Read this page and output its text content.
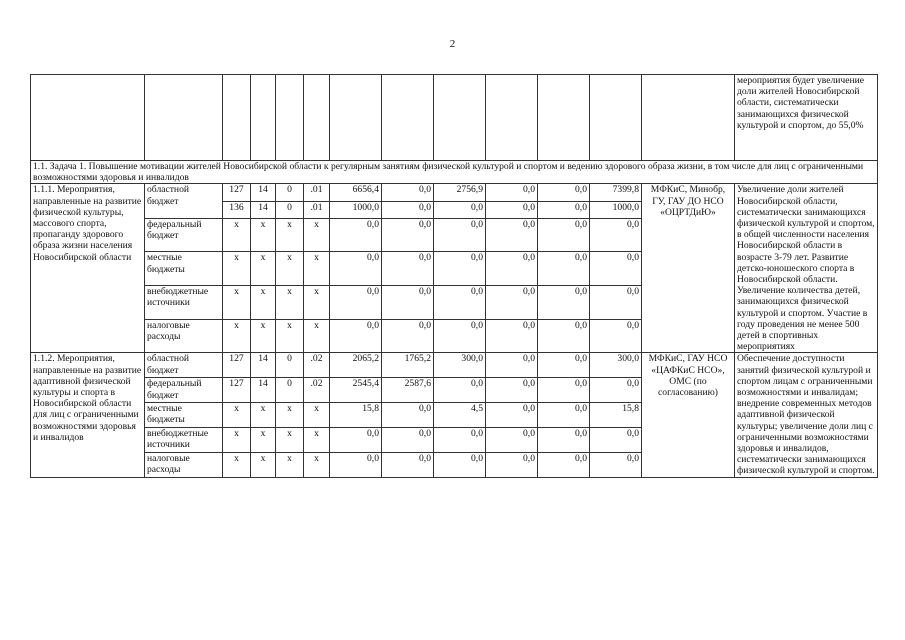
2
													мероприятия будет увеличение доли жителей Новосибирской области, систематически занимающихся физической культурой и спортом, до 55,0%
1.1. Задача 1. Повышение мотивации жителей Новосибирской области к регулярным занятиям физической культурой и спортом и ведению здорового образа жизни, в том числе для лиц с ограниченными возможностями здоровья и инвалидов													
1.1.1. Мероприятия, направленные на развитие физической культуры, массового спорта, пропаганду здорового образа жизни населения Новосибирской области	областной бюджет	127	14	0	.01	6656,4	0,0	2756,9	0,0	0,0	7399,8	МФКиС, Минобр, ГУ, ГАУ ДО НСО «ОЦРТДиЮ»	Увеличение доли жителей Новосибирской области, систематически занимающихся физической культурой и спортом, в общей численности населения Новосибирской области в возрасте 3-79 лет. Развитие детско-юношеского спорта в Новосибирской области. Увеличение количества детей, занимающихся физической культурой и спортом. Участие в году проведения не менее 500 детей в спортивных мероприятиях
		136	14	0	.01	1000,0	0,0	0,0	0,0	0,0	1000,0		
	федеральный бюджет	x	x	x	x	0,0	0,0	0,0	0,0	0,0	0,0		
	местные бюджеты	x	x	x	x	0,0	0,0	0,0	0,0	0,0	0,0		
	внебюджетные источники	x	x	x	x	0,0	0,0	0,0	0,0	0,0	0,0		
	налоговые расходы	x	x	x	x	0,0	0,0	0,0	0,0	0,0	0,0		
1.1.2. Мероприятия, направленные на развитие адаптивной физической культуры и спорта в Новосибирской области для лиц с ограниченными возможностями здоровья и инвалидов	областной бюджет	127	14	0	.02	2065,2	1765,2	300,0	0,0	0,0	300,0	МФКиС, ГАУ НСО «ЦАФКиС НСО», ОМС (по согласованию)	Обеспечение доступности занятий физической культурой и спортом лицам с ограниченными возможностями и инвалидам; внедрение современных методов адаптивной физической культуры; увеличение доли лиц с ограниченными возможностями здоровья и инвалидов, систематически занимающихся физической культурой и спортом.
	федеральный бюджет	127	14	0	.02	2545,4	2587,6	0,0	0,0	0,0	0,0		
	местные бюджеты	x	x	x	x	15,8	0,0	4,5	0,0	0,0	15,8		
	внебюджетные источники	x	x	x	x	0,0	0,0	0,0	0,0	0,0	0,0		
	налоговые расходы	x	x	x	x	0,0	0,0	0,0	0,0	0,0	0,0		
